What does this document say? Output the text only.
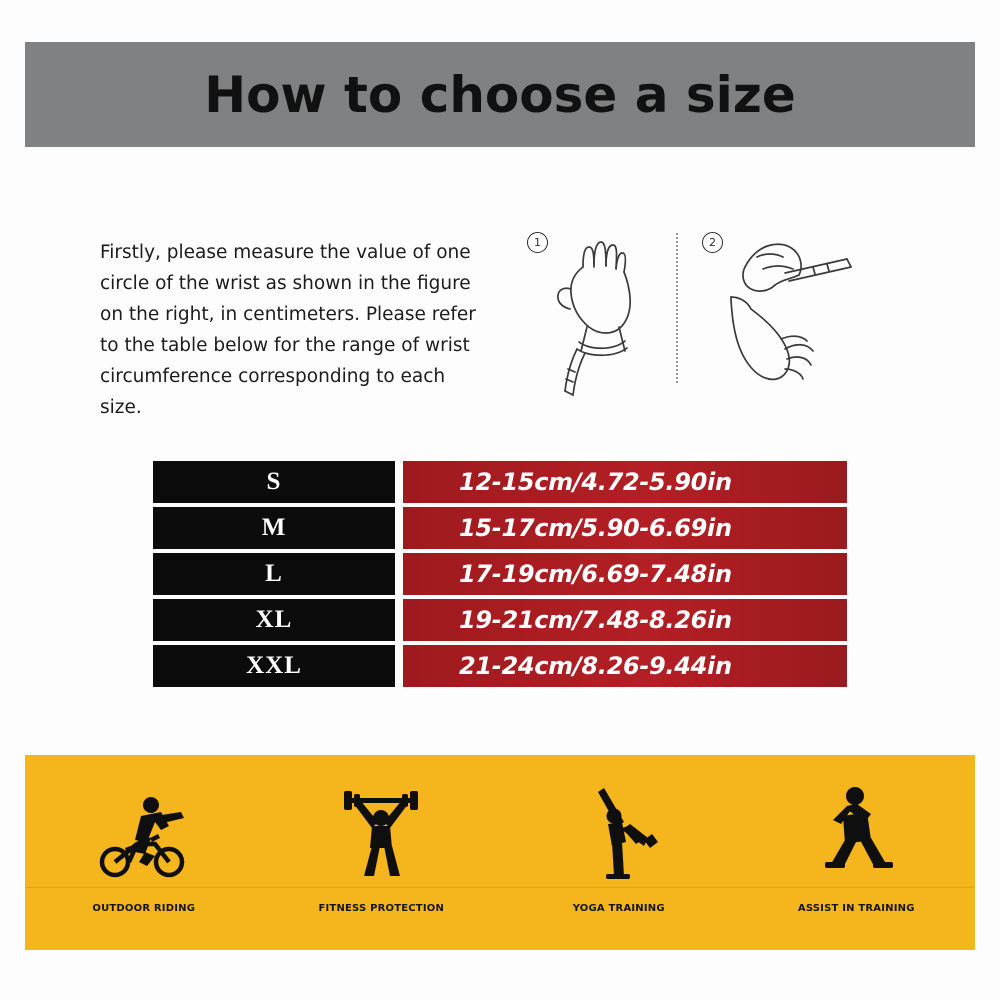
How to choose a size
Firstly, please measure the value of one circle of the wrist as shown in the figure on the right, in centimeters. Please refer to the table below for the range of wrist circumference corresponding to each size.
1	2
S	12-15cm/4.72-5.90in
M	15-17cm/5.90-6.69in
L	17-19cm/6.69-7.48in
XL	19-21cm/7.48-8.26in
XXL	21-24cm/8.26-9.44in
OUTDOOR RIDING	FITNESS PROTECTION	YOGA TRAINING	ASSIST IN TRAINING
